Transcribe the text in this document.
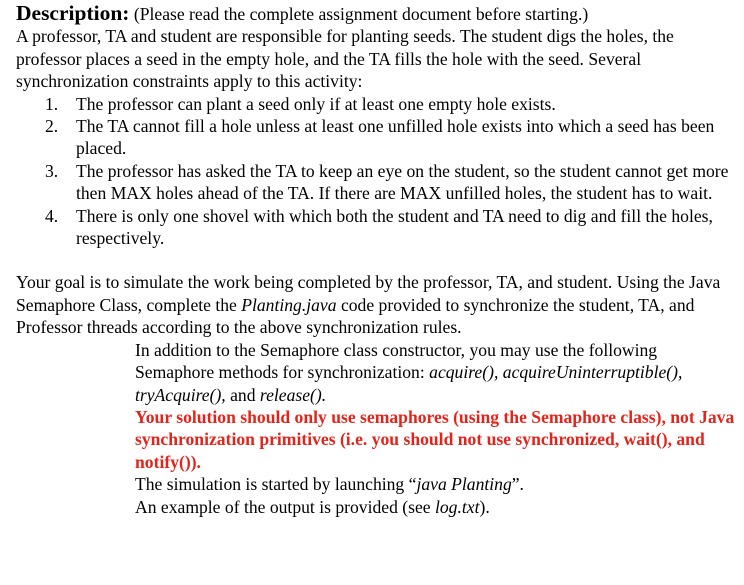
Description: (Please read the complete assignment document before starting.)

A professor, TA and student are responsible for planting seeds. The student digs the holes, the professor places a seed in the empty hole, and the TA fills the hole with the seed. Several synchronization constraints apply to this activity:

1. The professor can plant a seed only if at least one empty hole exists.
2. The TA cannot fill a hole unless at least one unfilled hole exists into which a seed has been placed.
3. The professor has asked the TA to keep an eye on the student, so the student cannot get more then MAX holes ahead of the TA. If there are MAX unfilled holes, the student has to wait.
4. There is only one shovel with which both the student and TA need to dig and fill the holes, respectively.

Your goal is to simulate the work being completed by the professor, TA, and student. Using the Java Semaphore Class, complete the Planting.java code provided to synchronize the student, TA, and Professor threads according to the above synchronization rules.

In addition to the Semaphore class constructor, you may use the following Semaphore methods for synchronization: acquire(), acquireUninterruptible(), tryAcquire(), and release().

Your solution should only use semaphores (using the Semaphore class), not Java synchronization primitives (i.e. you should not use synchronized, wait(), and notify()).

The simulation is started by launching “java Planting”.

An example of the output is provided (see log.txt).
